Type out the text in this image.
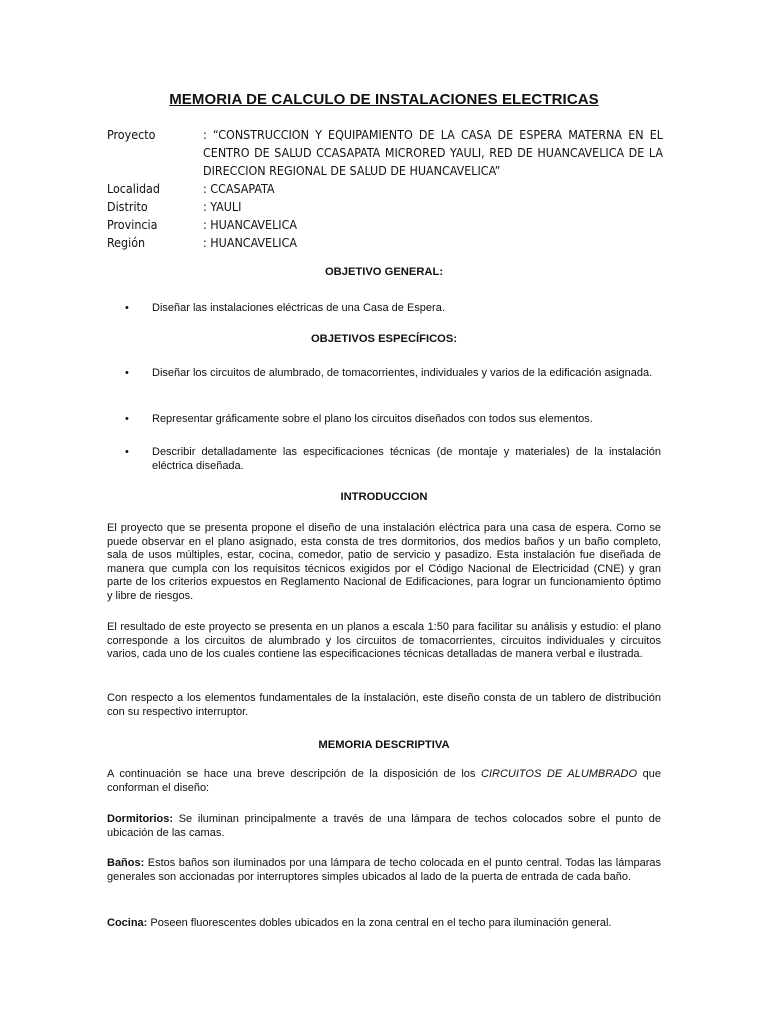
MEMORIA DE CALCULO DE INSTALACIONES ELECTRICAS
Proyecto	: “CONSTRUCCION Y EQUIPAMIENTO DE LA CASA DE ESPERA MATERNA EN EL CENTRO DE SALUD CCASAPATA MICRORED YAULI, RED DE HUANCAVELICA DE LA DIRECCION REGIONAL DE SALUD DE HUANCAVELICA”
Localidad	: CCASAPATA
Distrito	: YAULI
Provincia	: HUANCAVELICA
Región	: HUANCAVELICA
OBJETIVO GENERAL:
•	Diseñar las instalaciones eléctricas de una Casa de Espera.
OBJETIVOS ESPECÍFICOS:
•	Diseñar los circuitos de alumbrado, de tomacorrientes, individuales y varios de la edificación asignada.
•	Representar gráficamente sobre el plano los circuitos diseñados con todos sus elementos.
•	Describir detalladamente las especificaciones técnicas (de montaje y materiales) de la instalación eléctrica diseñada.
INTRODUCCION
El proyecto que se presenta propone el diseño de una instalación eléctrica para una casa de espera. Como se puede observar en el plano asignado, esta consta de tres dormitorios, dos medios baños y un baño completo, sala de usos múltiples, estar, cocina, comedor, patio de servicio y pasadizo. Esta instalación fue diseñada de manera que cumpla con los requisitos técnicos exigidos por el Código Nacional de Electricidad (CNE) y gran parte de los criterios expuestos en Reglamento Nacional de Edificaciones, para lograr un funcionamiento óptimo y libre de riesgos.
El resultado de este proyecto se presenta en un planos a escala 1:50 para facilitar su análisis y estudio: el plano corresponde a los circuitos de alumbrado y los circuitos de tomacorrientes, circuitos individuales y circuitos varios, cada uno de los cuales contiene las especificaciones técnicas detalladas de manera verbal e ilustrada.
Con respecto a los elementos fundamentales de la instalación, este diseño consta de un tablero de distribución con su respectivo interruptor.
MEMORIA DESCRIPTIVA
A continuación se hace una breve descripción de la disposición de los CIRCUITOS DE ALUMBRADO que conforman el diseño:
Dormitorios: Se iluminan principalmente a través de una lámpara de techos colocados sobre el punto de ubicación de las camas.
Baños: Estos baños son iluminados por una lámpara de techo colocada en el punto central. Todas las lámparas generales son accionadas por interruptores simples ubicados al lado de la puerta de entrada de cada baño.
Cocina: Poseen fluorescentes dobles ubicados en la zona central en el techo para iluminación general.
